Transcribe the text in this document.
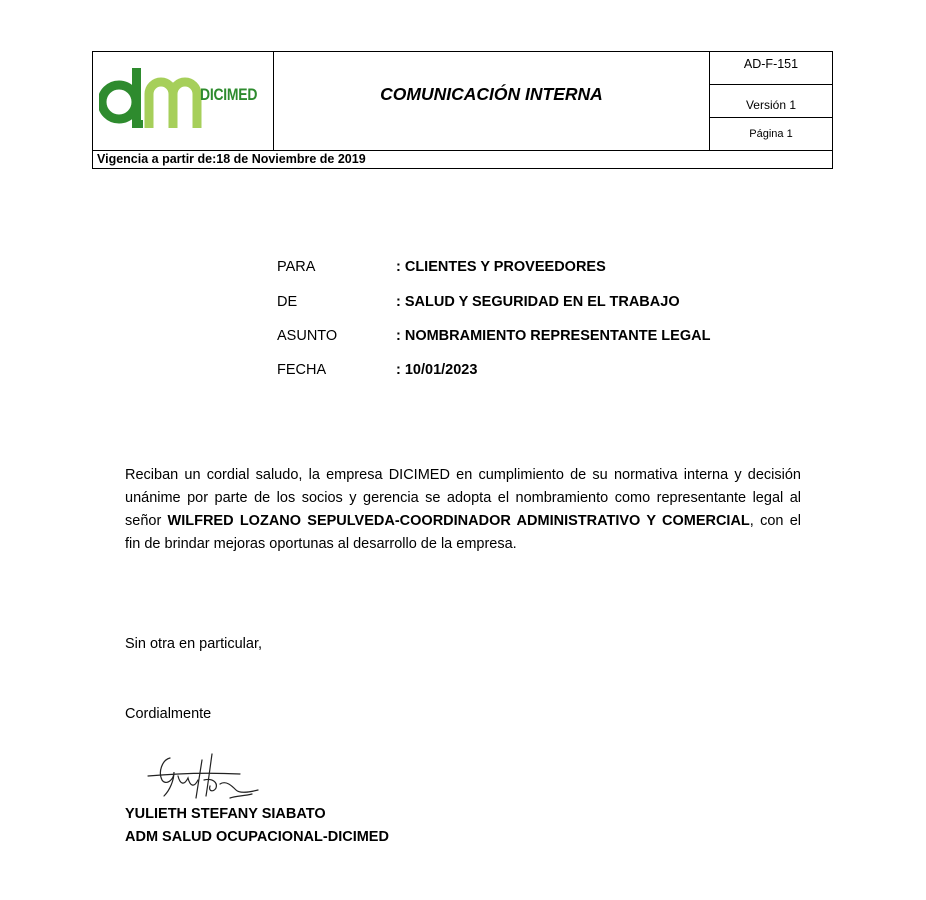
DICIMED	COMUNICACIÓN INTERNA
AD-F-151
Versión 1
Página 1
Vigencia a partir de:18 de Noviembre de 2019
PARA	: CLIENTES Y PROVEEDORES
DE	: SALUD Y SEGURIDAD EN EL TRABAJO
ASUNTO	: NOMBRAMIENTO REPRESENTANTE LEGAL
FECHA	: 10/01/2023

Reciban un cordial saludo, la empresa DICIMED en cumplimiento de su normativa interna y decisión unánime por parte de los socios y gerencia se adopta el nombramiento como representante legal al señor WILFRED LOZANO SEPULVEDA-COORDINADOR ADMINISTRATIVO Y COMERCIAL, con el fin de brindar mejoras oportunas al desarrollo de la empresa.

Sin otra en particular,
Cordialmente
YULIETH STEFANY SIABATO
ADM SALUD OCUPACIONAL-DICIMED
